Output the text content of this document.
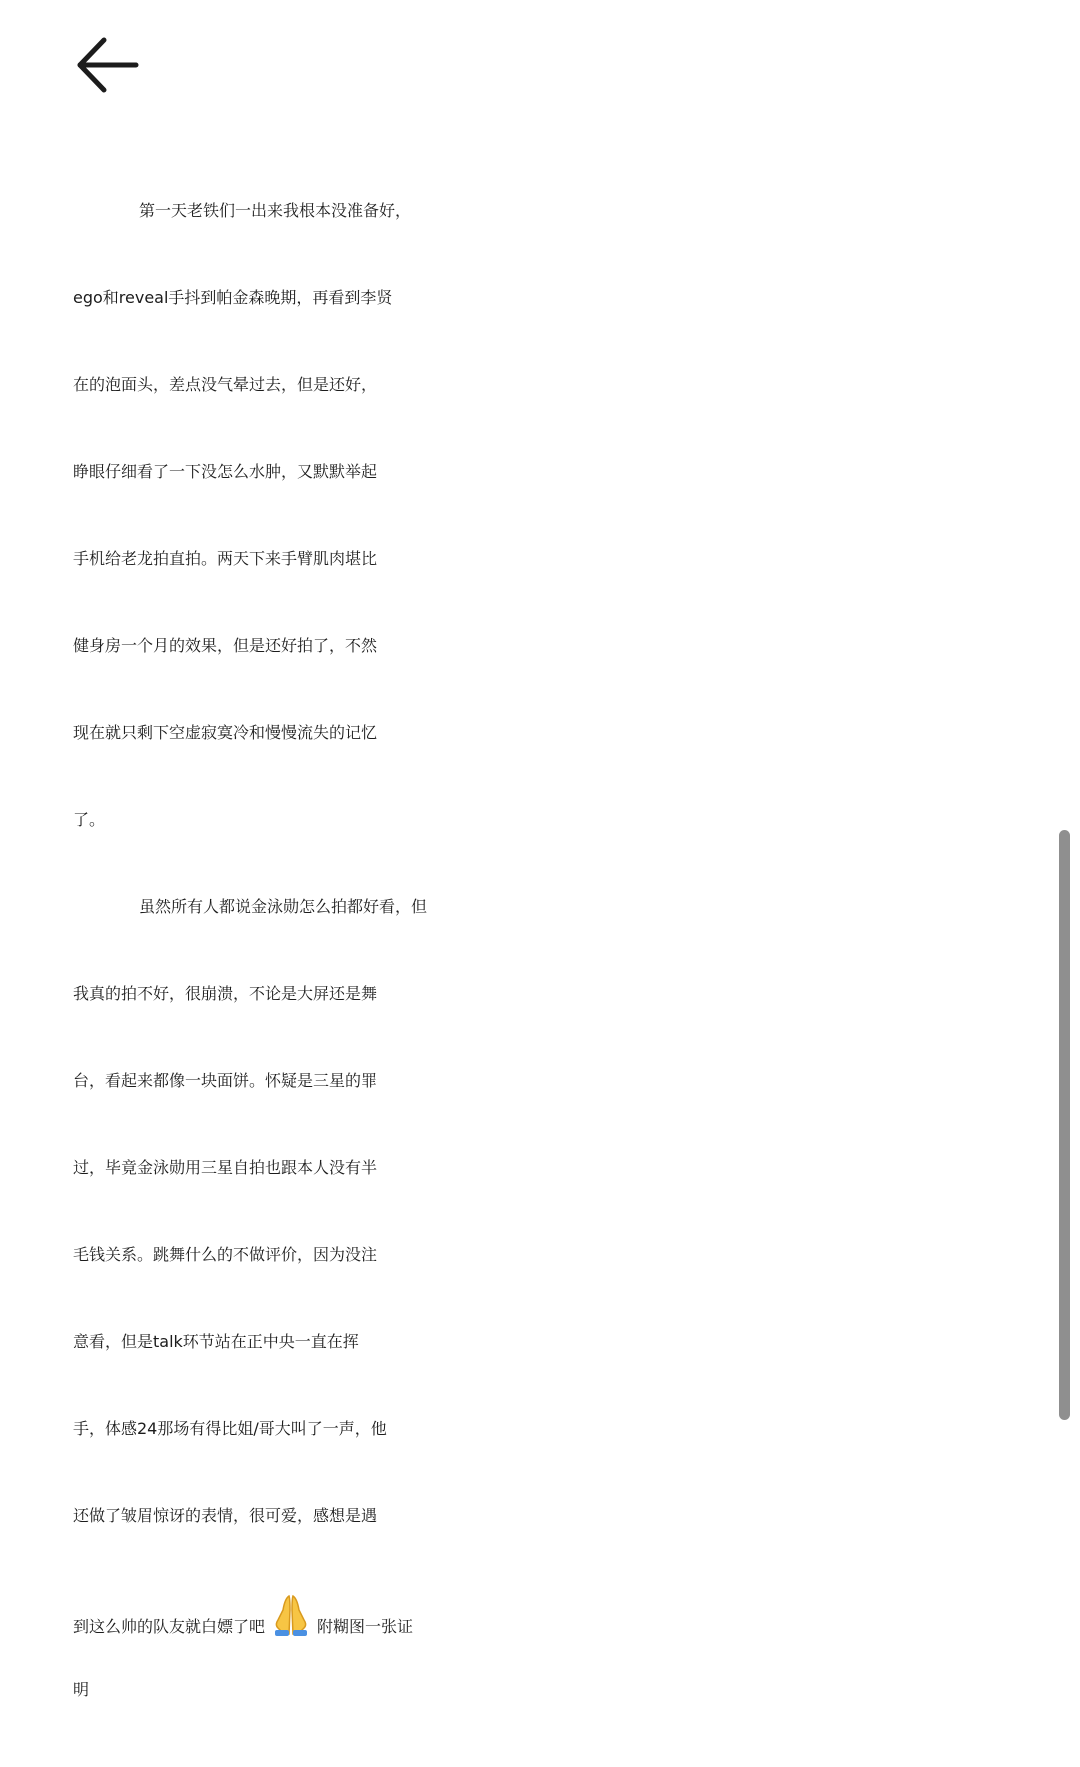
第一天老铁们一出来我根本没准备好，
ego和reveal手抖到帕金森晚期，再看到李贤
在的泡面头，差点没气晕过去，但是还好，
睁眼仔细看了一下没怎么水肿，又默默举起
手机给老龙拍直拍。两天下来手臂肌肉堪比
健身房一个月的效果，但是还好拍了，不然
现在就只剩下空虚寂寞冷和慢慢流失的记忆
了。
虽然所有人都说金泳勋怎么拍都好看，但
我真的拍不好，很崩溃，不论是大屏还是舞
台，看起来都像一块面饼。怀疑是三星的罪
过，毕竟金泳勋用三星自拍也跟本人没有半
毛钱关系。跳舞什么的不做评价，因为没注
意看，但是talk环节站在正中央一直在挥
手，体感24那场有得比姐/哥大叫了一声，他
还做了皱眉惊讶的表情，很可爱，感想是遇
到这么帅的队友就白嫖了吧	附糊图一张证
明
